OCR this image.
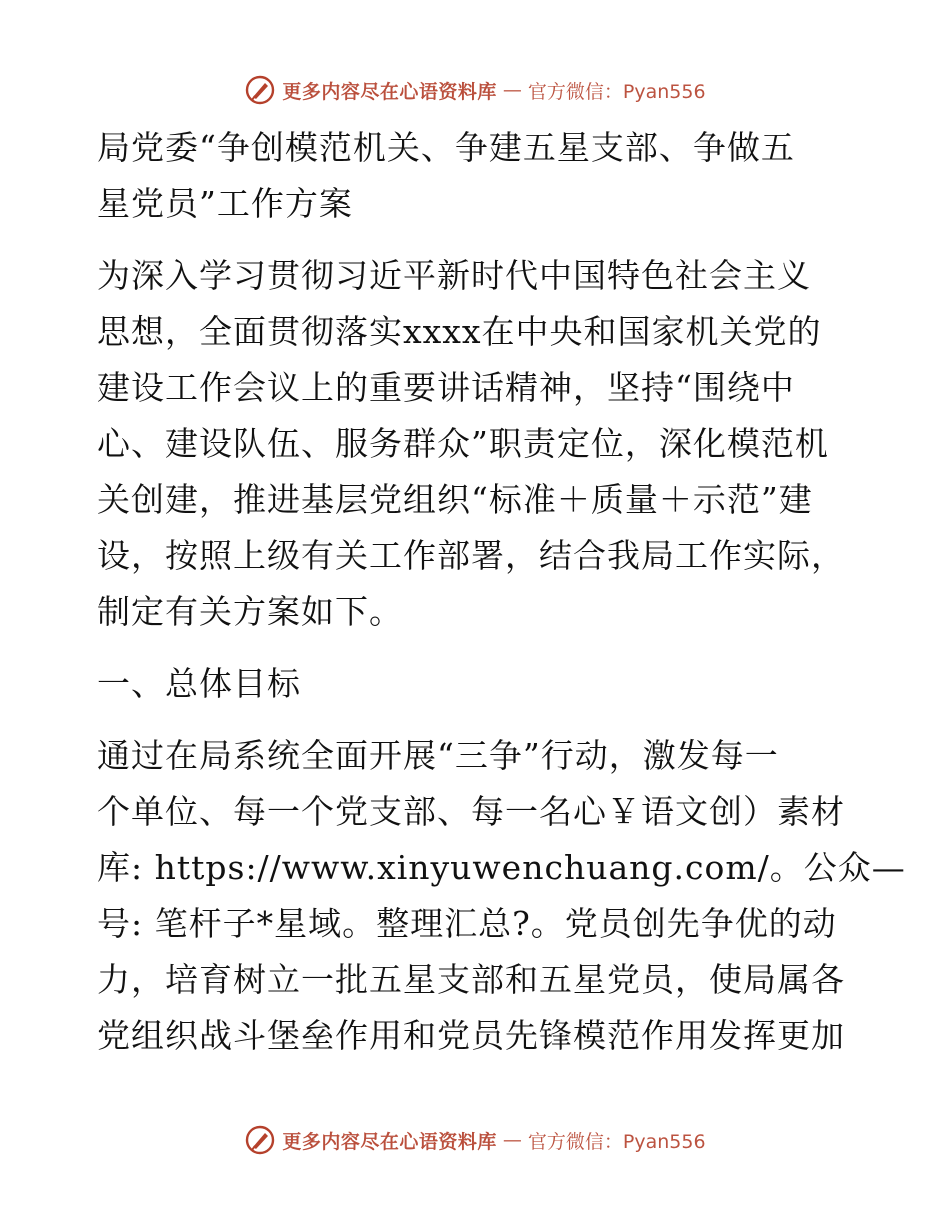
更多内容尽在心语资料库 — 官方微信：Pyan556
局党委“争创模范机关、争建五星支部、争做五
星党员”工作方案
为深入学习贯彻习近平新时代中国特色社会主义
思想，全面贯彻落实xxxx在中央和国家机关党的
建设工作会议上的重要讲话精神，坚持“围绕中
心、建设队伍、服务群众”职责定位，深化模范机
关创建，推进基层党组织“标准＋质量＋示范”建
设，按照上级有关工作部署，结合我局工作实际，
制定有关方案如下。
一、总体目标
通过在局系统全面开展“三争”行动，激发每一
个单位、每一个党支部、每一名心￥语文创）素材
库: https://www.xinyuwenchuang.com/。公众—
号: 笔杆子*星域。整理汇总?。党员创先争优的动
力，培育树立一批五星支部和五星党员，使局属各
党组织战斗堡垒作用和党员先锋模范作用发挥更加
更多内容尽在心语资料库 — 官方微信：Pyan556
